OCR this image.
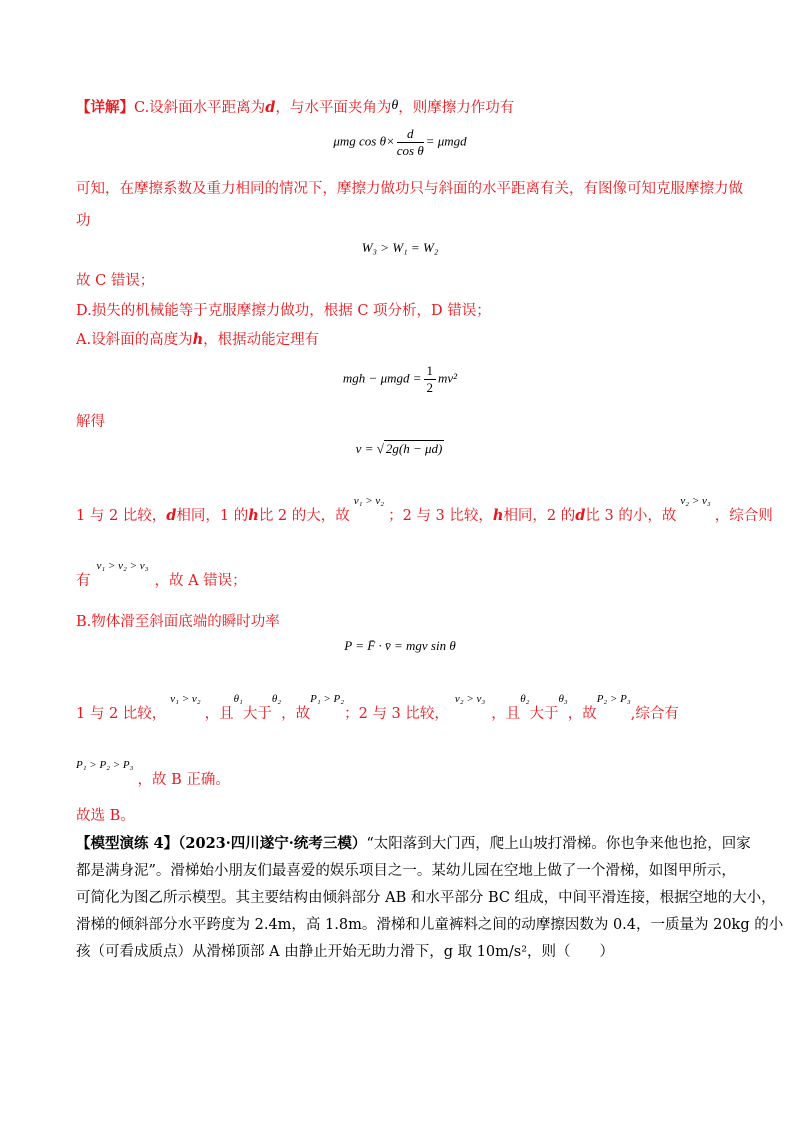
【详解】C.设斜面水平距离为d，与水平面夹角为θ，则摩擦力作功有
μmg $\cos \theta\times \frac{d}{\text{cos θ}} = \mu mgd$
可知，在摩擦系数及重力相同的情况下，摩擦力做功只与斜面的水平距离有关，有图像可知克服摩擦力做
功
W₃ > W₁ = W₂
故 C 错误；
D.损失的机械能等于克服摩擦力做功，根据 C 项分析，D 错误；
A.设斜面的高度为h，根据动能定理有
mgh − $\mu mgd = \frac{1}{2} mv^2$
解得
v = √ 2g(h − μd)
1 与 2 比较，d相同，1 的h比 2 的大，故v₁ > v₂；2 与 3 比较，h相同，2 的d比 3 的小，故v₂ > v₃，综合则
有v₁ > v₂ > v₃，故 A 错误；
B.物体滑至斜面底端的瞬时功率
P = F̄ · v̄ = mgv sin θ
1 与 2 比较，v₁ > v₂，且θ₁大于θ₂，故P₁ > P₂；2 与 3 比较，v₂ > v₃，且θ₂大于θ₃，故P₂ > P₃,综合有
P₁ > P₂ > P₃，故 B 正确。
故选 B。
【模型演练 4】（2023·四川遂宁·统考三模）“太阳落到大门西，爬上山坡打滑梯。你也争来他也抢，回家
都是满身泥”。滑梯始小朋友们最喜爱的娱乐项目之一。某幼儿园在空地上做了一个滑梯，如图甲所示，
可简化为图乙所示模型。其主要结构由倾斜部分 AB 和水平部分 BC 组成，中间平滑连接，根据空地的大小，
滑梯的倾斜部分水平跨度为 2.4m，高 1.8m。滑梯和儿童裤料之间的动摩擦因数为 0.4，一质量为 20kg 的小
孩（可看成质点）从滑梯顶部 A 由静止开始无助力滑下，g 取 10m/s²，则（　　）
